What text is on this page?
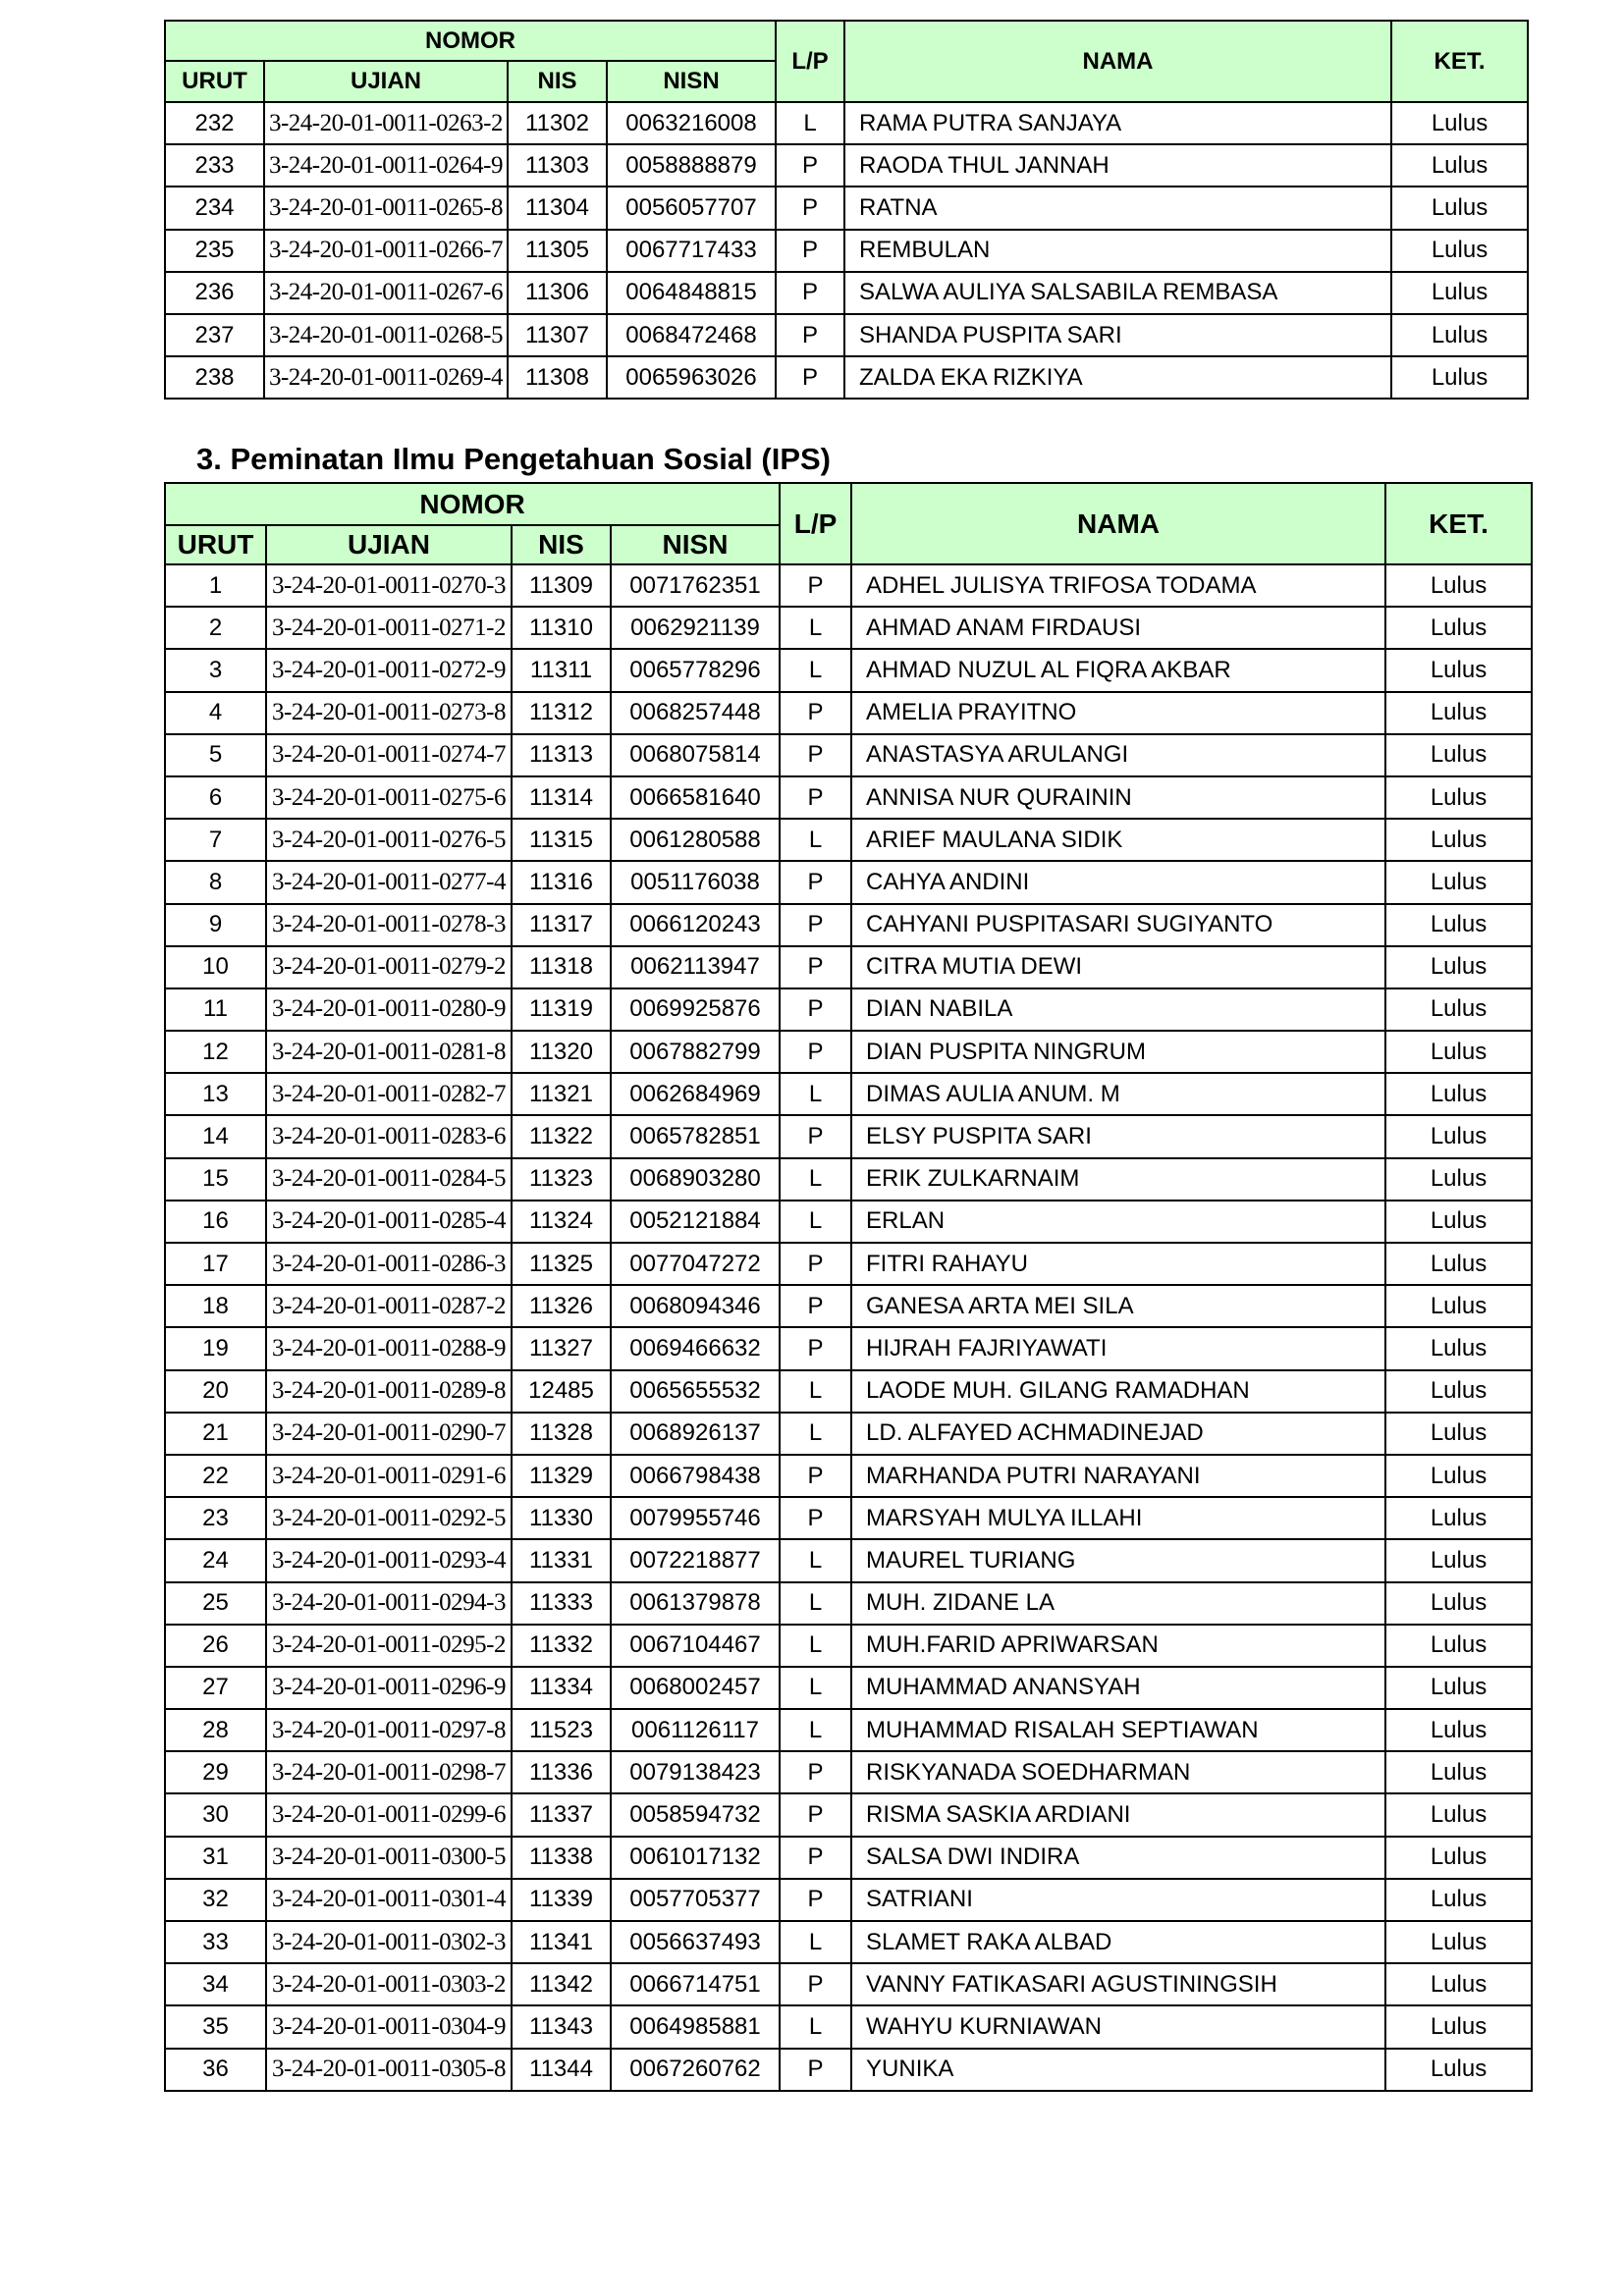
NOMOR				L/P	NAMA	KET.
URUT	UJIAN	NIS	NISN			
232	3-24-20-01-0011-0263-2	11302	0063216008	L	RAMA PUTRA SANJAYA	Lulus
233	3-24-20-01-0011-0264-9	11303	0058888879	P	RAODA THUL JANNAH	Lulus
234	3-24-20-01-0011-0265-8	11304	0056057707	P	RATNA	Lulus
235	3-24-20-01-0011-0266-7	11305	0067717433	P	REMBULAN	Lulus
236	3-24-20-01-0011-0267-6	11306	0064848815	P	SALWA AULIYA SALSABILA REMBASA	Lulus
237	3-24-20-01-0011-0268-5	11307	0068472468	P	SHANDA PUSPITA SARI	Lulus
238	3-24-20-01-0011-0269-4	11308	0065963026	P	ZALDA EKA RIZKIYA	Lulus
3. Peminatan Ilmu Pengetahuan Sosial (IPS)
NOMOR				L/P	NAMA	KET.
URUT	UJIAN	NIS	NISN			
1	3-24-20-01-0011-0270-3	11309	0071762351	P	ADHEL JULISYA TRIFOSA TODAMA	Lulus
2	3-24-20-01-0011-0271-2	11310	0062921139	L	AHMAD ANAM FIRDAUSI	Lulus
3	3-24-20-01-0011-0272-9	11311	0065778296	L	AHMAD NUZUL AL FIQRA AKBAR	Lulus
4	3-24-20-01-0011-0273-8	11312	0068257448	P	AMELIA PRAYITNO	Lulus
5	3-24-20-01-0011-0274-7	11313	0068075814	P	ANASTASYA ARULANGI	Lulus
6	3-24-20-01-0011-0275-6	11314	0066581640	P	ANNISA NUR QURAININ	Lulus
7	3-24-20-01-0011-0276-5	11315	0061280588	L	ARIEF MAULANA SIDIK	Lulus
8	3-24-20-01-0011-0277-4	11316	0051176038	P	CAHYA ANDINI	Lulus
9	3-24-20-01-0011-0278-3	11317	0066120243	P	CAHYANI PUSPITASARI SUGIYANTO	Lulus
10	3-24-20-01-0011-0279-2	11318	0062113947	P	CITRA MUTIA DEWI	Lulus
11	3-24-20-01-0011-0280-9	11319	0069925876	P	DIAN NABILA	Lulus
12	3-24-20-01-0011-0281-8	11320	0067882799	P	DIAN PUSPITA NINGRUM	Lulus
13	3-24-20-01-0011-0282-7	11321	0062684969	L	DIMAS AULIA ANUM. M	Lulus
14	3-24-20-01-0011-0283-6	11322	0065782851	P	ELSY PUSPITA SARI	Lulus
15	3-24-20-01-0011-0284-5	11323	0068903280	L	ERIK ZULKARNAIM	Lulus
16	3-24-20-01-0011-0285-4	11324	0052121884	L	ERLAN	Lulus
17	3-24-20-01-0011-0286-3	11325	0077047272	P	FITRI RAHAYU	Lulus
18	3-24-20-01-0011-0287-2	11326	0068094346	P	GANESA ARTA MEI SILA	Lulus
19	3-24-20-01-0011-0288-9	11327	0069466632	P	HIJRAH FAJRIYAWATI	Lulus
20	3-24-20-01-0011-0289-8	12485	0065655532	L	LAODE MUH. GILANG RAMADHAN	Lulus
21	3-24-20-01-0011-0290-7	11328	0068926137	L	LD. ALFAYED ACHMADINEJAD	Lulus
22	3-24-20-01-0011-0291-6	11329	0066798438	P	MARHANDA PUTRI NARAYANI	Lulus
23	3-24-20-01-0011-0292-5	11330	0079955746	P	MARSYAH MULYA ILLAHI	Lulus
24	3-24-20-01-0011-0293-4	11331	0072218877	L	MAUREL TURIANG	Lulus
25	3-24-20-01-0011-0294-3	11333	0061379878	L	MUH. ZIDANE LA	Lulus
26	3-24-20-01-0011-0295-2	11332	0067104467	L	MUH.FARID APRIWARSAN	Lulus
27	3-24-20-01-0011-0296-9	11334	0068002457	L	MUHAMMAD ANANSYAH	Lulus
28	3-24-20-01-0011-0297-8	11523	0061126117	L	MUHAMMAD RISALAH SEPTIAWAN	Lulus
29	3-24-20-01-0011-0298-7	11336	0079138423	P	RISKYANADA SOEDHARMAN	Lulus
30	3-24-20-01-0011-0299-6	11337	0058594732	P	RISMA SASKIA ARDIANI	Lulus
31	3-24-20-01-0011-0300-5	11338	0061017132	P	SALSA DWI INDIRA	Lulus
32	3-24-20-01-0011-0301-4	11339	0057705377	P	SATRIANI	Lulus
33	3-24-20-01-0011-0302-3	11341	0056637493	L	SLAMET RAKA ALBAD	Lulus
34	3-24-20-01-0011-0303-2	11342	0066714751	P	VANNY FATIKASARI AGUSTININGSIH	Lulus
35	3-24-20-01-0011-0304-9	11343	0064985881	L	WAHYU KURNIAWAN	Lulus
36	3-24-20-01-0011-0305-8	11344	0067260762	P	YUNIKA	Lulus
